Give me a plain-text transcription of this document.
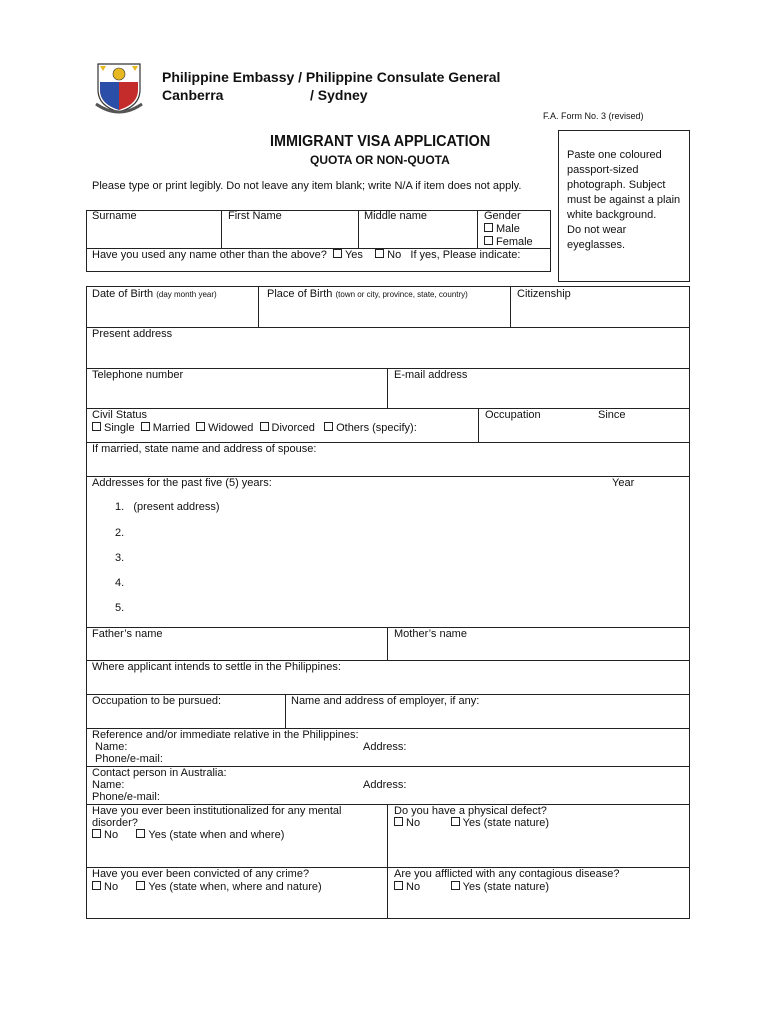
Philippine Embassy / Philippine Consulate General
Canberra	/ Sydney
F.A. Form No. 3 (revised)
IMMIGRANT VISA APPLICATION
QUOTA OR NON-QUOTA
Please type or print legibly. Do not leave any item blank; write N/A if item does not apply.
Paste one coloured
passport-sized
photograph. Subject
must be against a plain
white background.
Do not wear
eyeglasses.
Surname	First Name	Middle name	Gender
Male
Female
Have you used any name other than the above? Yes No If yes, Please indicate:
Date of Birth (day month year)	Place of Birth (town or city, province, state, country)	Citizenship
Present address
Telephone number	E-mail address
Civil Status
Single Married Widowed Divorced Others (specify):
Occupation	Since
If married, state name and address of spouse:
Addresses for the past five (5) years:	Year
1. (present address)
2.
3.
4.
5.
Father’s name	Mother’s name
Where applicant intends to settle in the Philippines:
Occupation to be pursued:	Name and address of employer, if any:
Reference and/or immediate relative in the Philippines:
Name:	Address:
Phone/e-mail:
Contact person in Australia:
Name:	Address:
Phone/e-mail:
Have you ever been institutionalized for any mental
disorder?
No	Yes (state when and where)
Do you have a physical defect?
No	Yes (state nature)
Have you ever been convicted of any crime?
No	Yes (state when, where and nature)
Are you afflicted with any contagious disease?
No	Yes (state nature)
